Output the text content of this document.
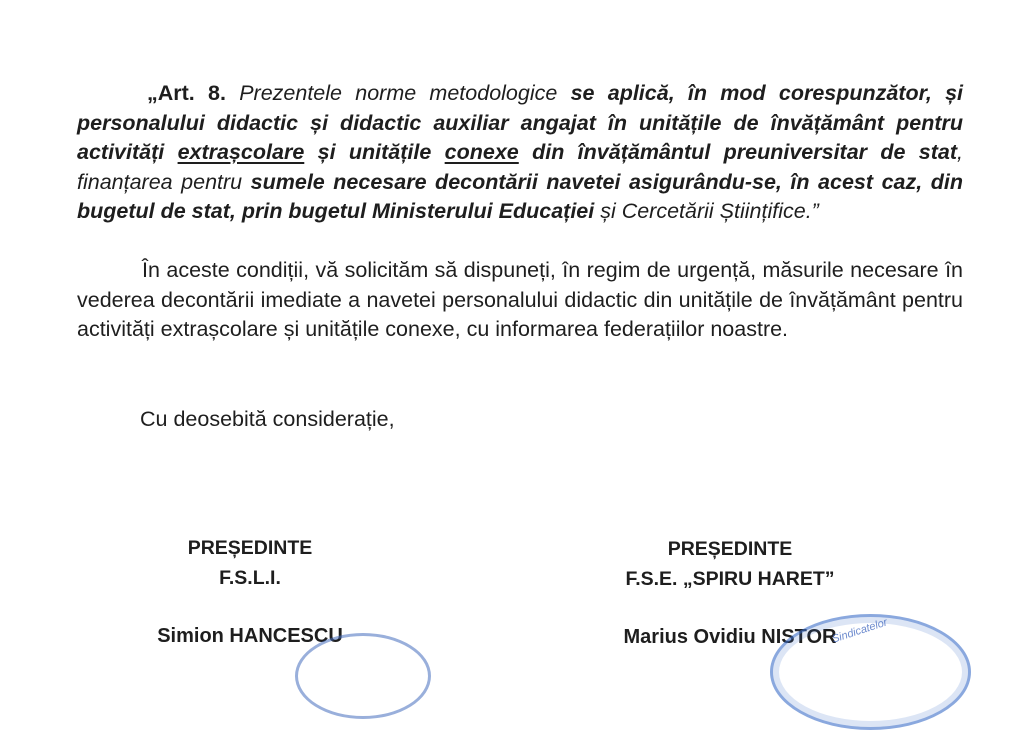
„Art. 8. Prezentele norme metodologice se aplică, în mod corespunzător, și personalului didactic și didactic auxiliar angajat în unitățile de învățământ pentru activități extrașcolare și unitățile conexe din învățământul preuniversitar de stat, finanțarea pentru sumele necesare decontării navetei asigurându-se, în acest caz, din bugetul de stat, prin bugetul Ministerului Educației și Cercetării Științifice.”

În aceste condiții, vă solicităm să dispuneți, în regim de urgență, măsurile necesare în vederea decontării imediate a navetei personalului didactic din unitățile de învățământ pentru activități extrașcolare și unitățile conexe, cu informarea federațiilor noastre.

Cu deosebită considerație,

PREȘEDINTE
F.S.L.I.
Simion HANCESCU
PREȘEDINTE
F.S.E. „SPIRU HARET”
Marius Ovidiu NISTOR
Sindicatelor
